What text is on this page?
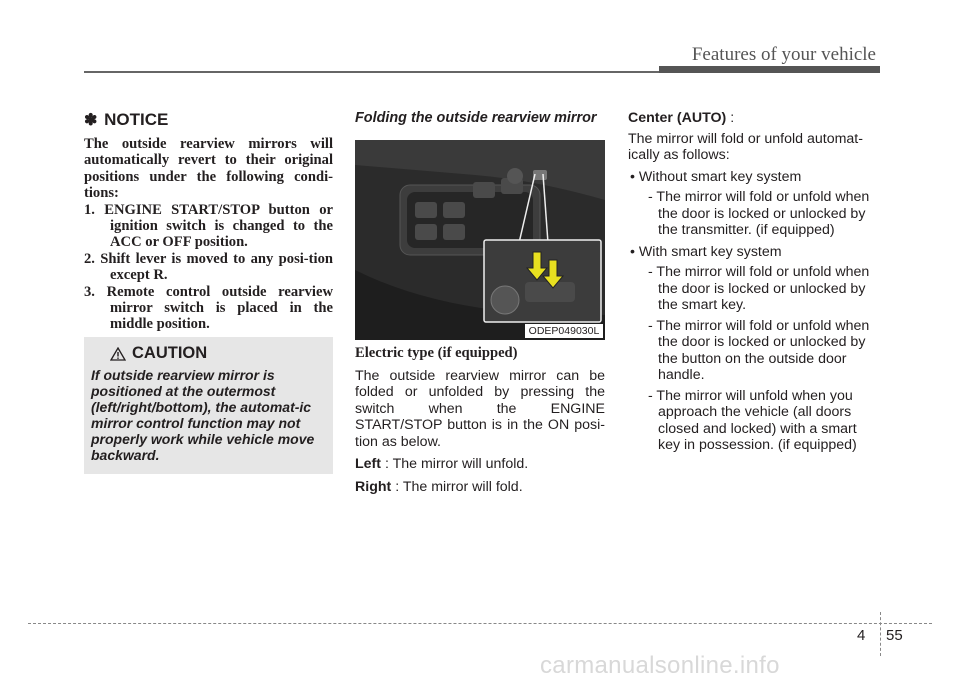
Features of your vehicle
✽ NOTICE

The outside rearview mirrors will automatically revert to their original positions under the following condi-tions:

1. ENGINE START/STOP button or ignition switch is changed to the ACC or OFF position.

2. Shift lever is moved to any posi-tion except R.

3. Remote control outside rearview mirror switch is placed in the middle position.

CAUTION
If outside rearview mirror is positioned at the outermost (left/right/bottom), the automat-ic mirror control function may not properly work while vehicle move backward.

Folding the outside rearview mirror

ODEP049030L

Electric type (if equipped)

The outside rearview mirror can be folded or unfolded by pressing the switch when the ENGINE START/STOP button is in the ON posi-tion as below.

Left : The mirror will unfold.

Right : The mirror will fold.

Center (AUTO) :

The mirror will fold or unfold automat-ically as follows:

• Without smart key system

- The mirror will fold or unfold when the door is locked or unlocked by the transmitter. (if equipped)

• With smart key system

- The mirror will fold or unfold when the door is locked or unlocked by the smart key.

- The mirror will fold or unfold when the door is locked or unlocked by the button on the outside door handle.

- The mirror will unfold when you approach the vehicle (all doors closed and locked) with a smart key in possession. (if equipped)

4 55
carmanualsonline.info
